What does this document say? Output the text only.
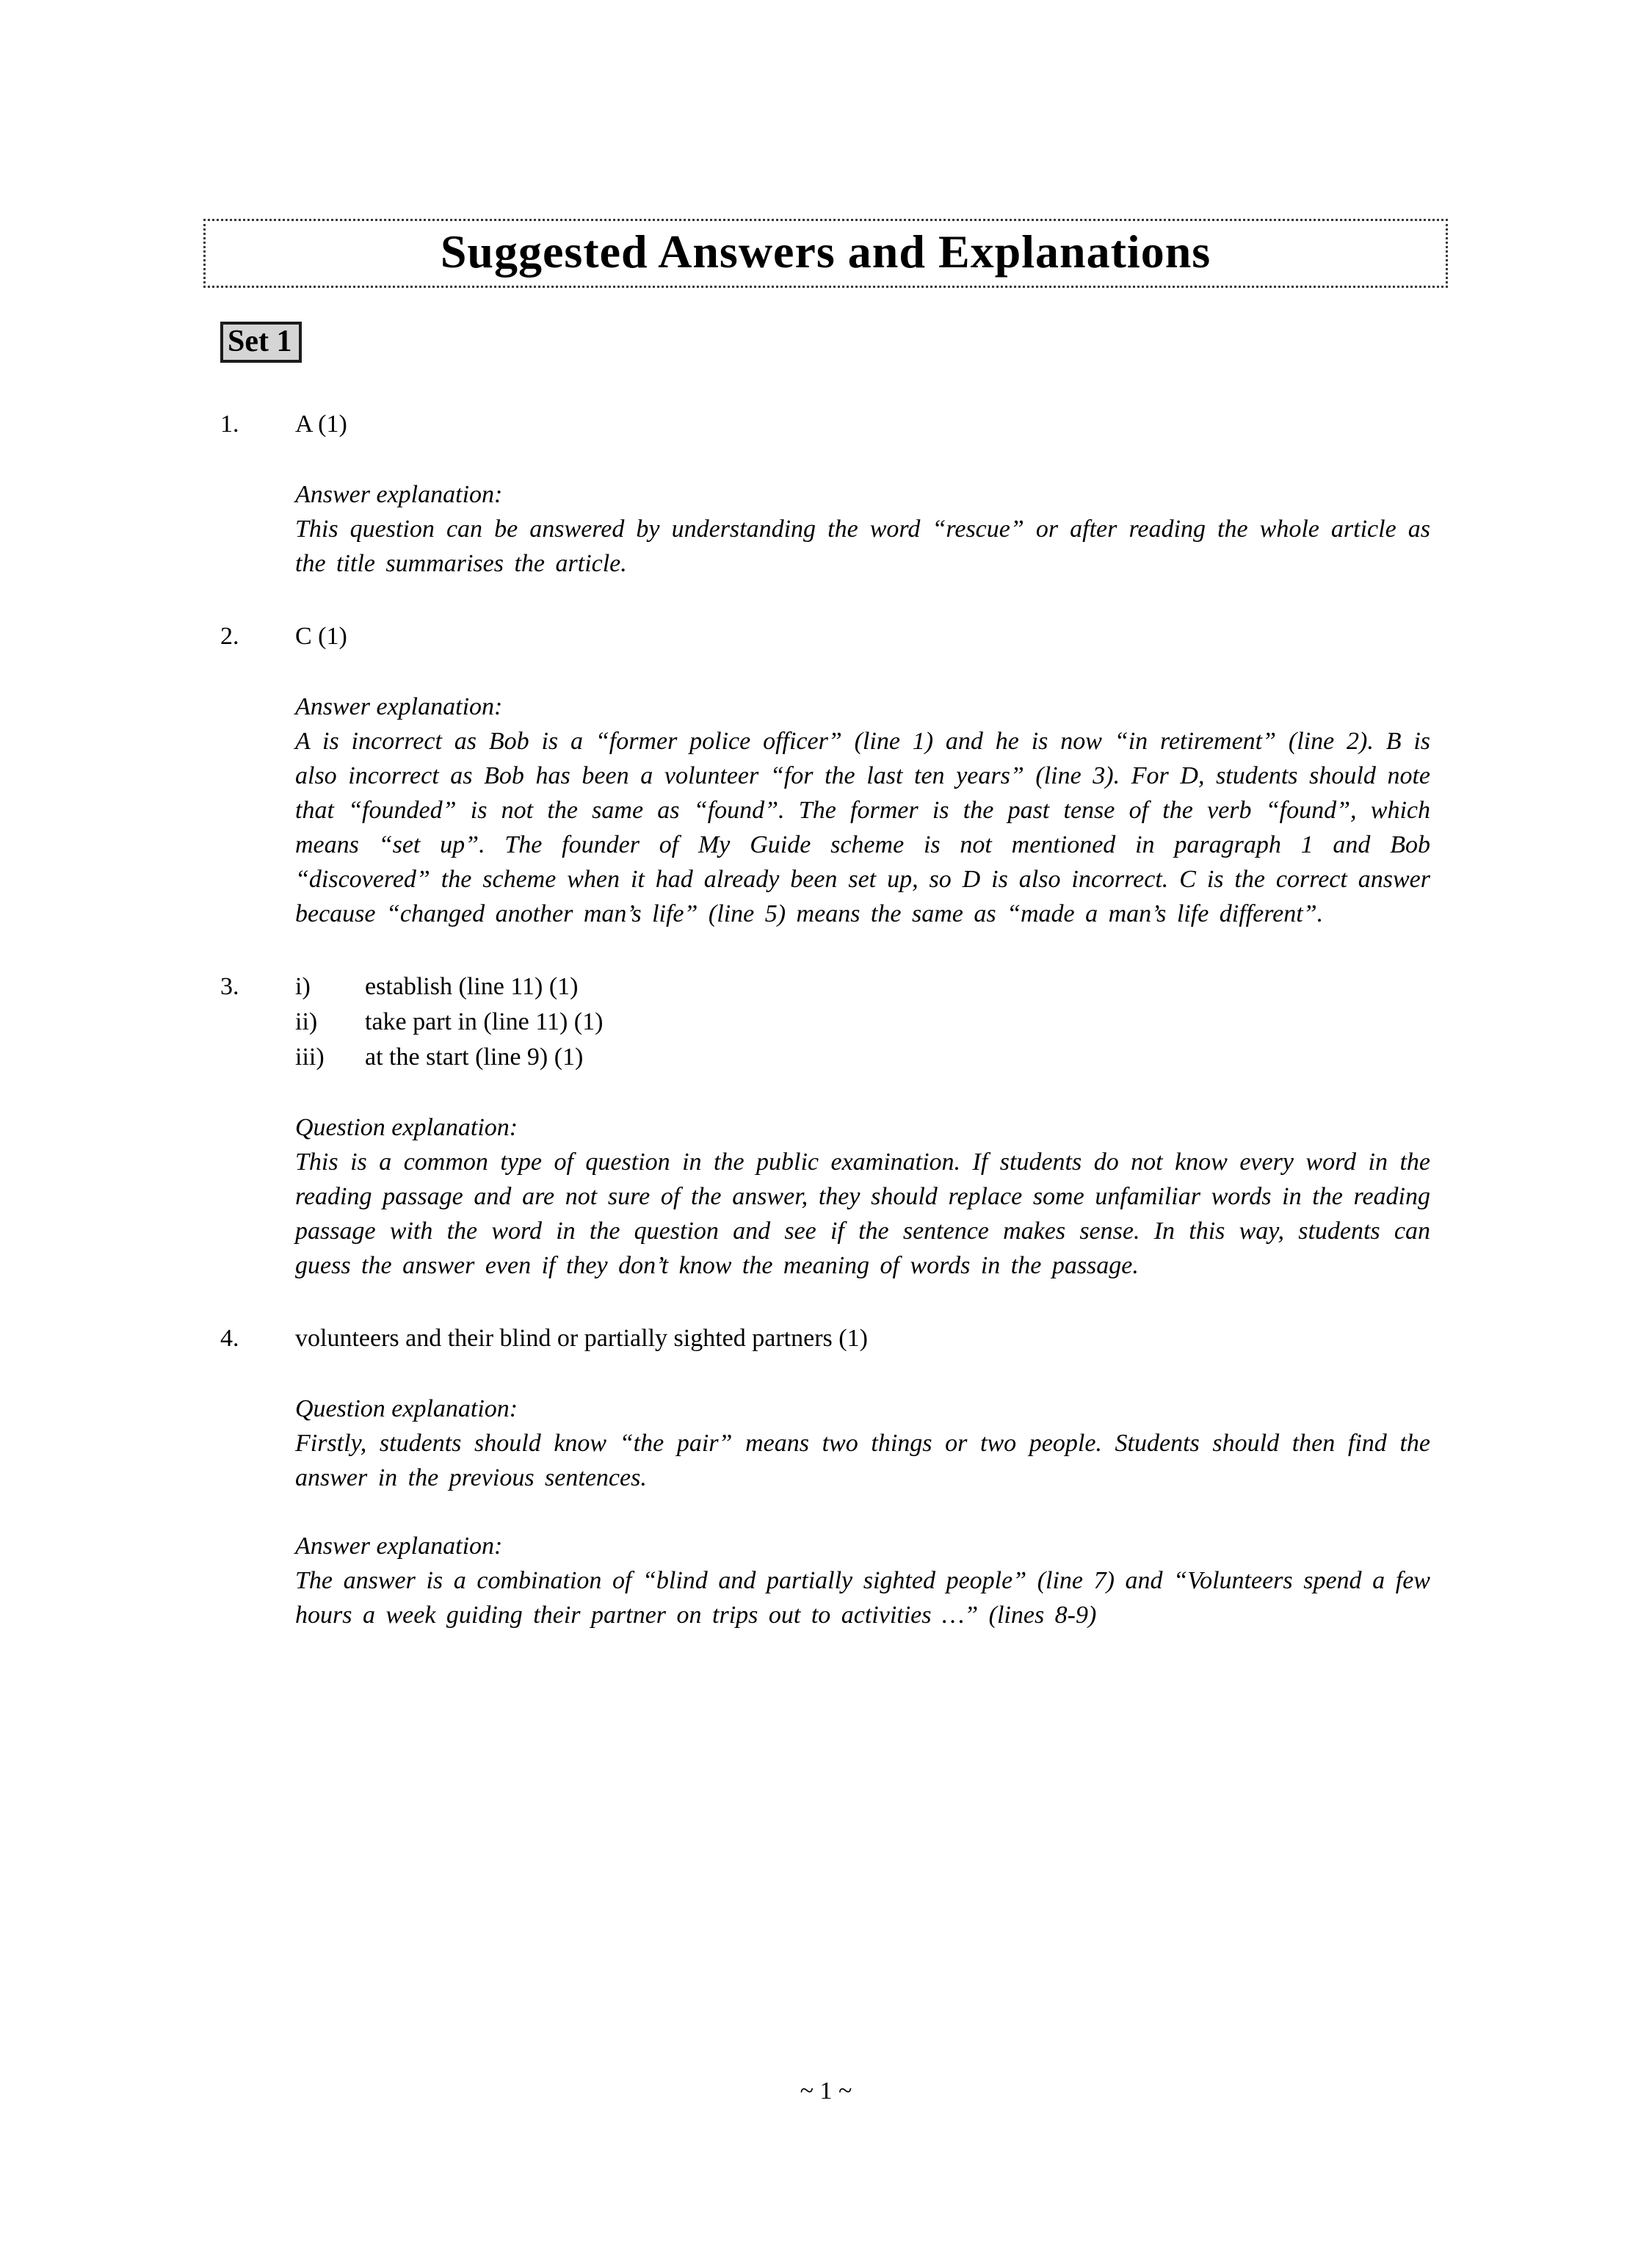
Suggested Answers and Explanations
Set 1
1.	A (1)
Answer explanation:
This question can be answered by understanding the word “rescue” or after reading the whole article as the title summarises the article.
2.	C (1)
Answer explanation:
A is incorrect as Bob is a “former police officer” (line 1) and he is now “in retirement” (line 2). B is also incorrect as Bob has been a volunteer “for the last ten years” (line 3). For D, students should note that “founded” is not the same as “found”. The former is the past tense of the verb “found”, which means “set up”. The founder of My Guide scheme is not mentioned in paragraph 1 and Bob “discovered” the scheme when it had already been set up, so D is also incorrect. C is the correct answer because “changed another man’s life” (line 5) means the same as “made a man’s life different”.
3.	i)	establish (line 11) (1)
ii)	take part in (line 11) (1)
iii)	at the start (line 9) (1)
Question explanation:
This is a common type of question in the public examination. If students do not know every word in the reading passage and are not sure of the answer, they should replace some unfamiliar words in the reading passage with the word in the question and see if the sentence makes sense. In this way, students can guess the answer even if they don’t know the meaning of words in the passage.
4.	volunteers and their blind or partially sighted partners (1)
Question explanation:
Firstly, students should know “the pair” means two things or two people. Students should then find the answer in the previous sentences.
Answer explanation:
The answer is a combination of “blind and partially sighted people” (line 7) and “Volunteers spend a few hours a week guiding their partner on trips out to activities …” (lines 8-9)
~ 1 ~
